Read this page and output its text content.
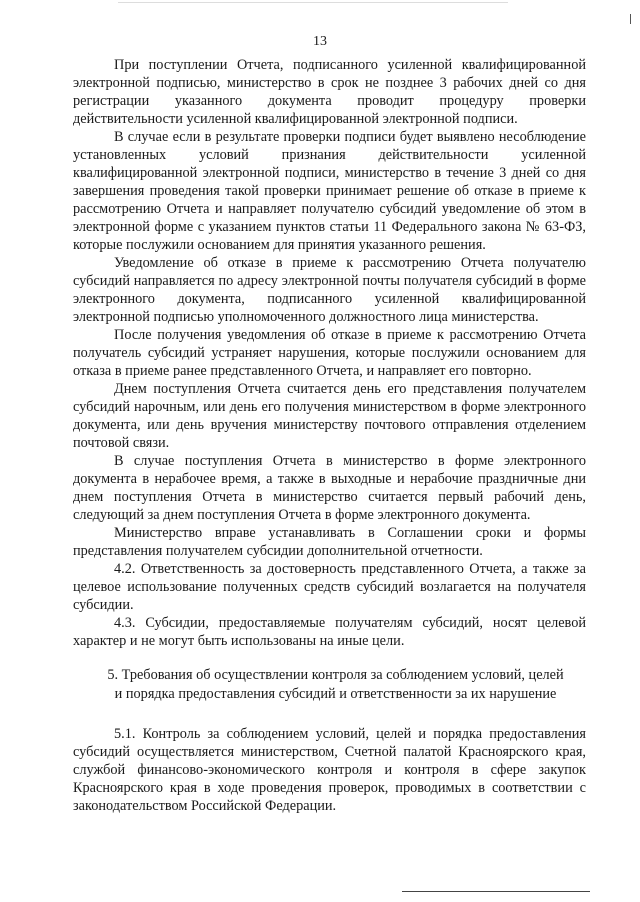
13

При поступлении Отчета, подписанного усиленной квалифицированной электронной подписью, министерство в срок не позднее 3 рабочих дней со дня регистрации указанного документа проводит процедуру проверки действительности усиленной квалифицированной электронной подписи.

В случае если в результате проверки подписи будет выявлено несоблюдение установленных условий признания действительности усиленной квалифицированной электронной подписи, министерство в течение 3 дней со дня завершения проведения такой проверки принимает решение об отказе в приеме к рассмотрению Отчета и направляет получателю субсидий уведомление об этом в электронной форме с указанием пунктов статьи 11 Федерального закона № 63-ФЗ, которые послужили основанием для принятия указанного решения.

Уведомление об отказе в приеме к рассмотрению Отчета получателю субсидий направляется по адресу электронной почты получателя субсидий в форме электронного документа, подписанного усиленной квалифицированной электронной подписью уполномоченного должностного лица министерства.

После получения уведомления об отказе в приеме к рассмотрению Отчета получатель субсидий устраняет нарушения, которые послужили основанием для отказа в приеме ранее представленного Отчета, и направляет его повторно.

Днем поступления Отчета считается день его представления получателем субсидий нарочным, или день его получения министерством в форме электронного документа, или день вручения министерству почтового отправления отделением почтовой связи.

В случае поступления Отчета в министерство в форме электронного документа в нерабочее время, а также в выходные и нерабочие праздничные дни днем поступления Отчета в министерство считается первый рабочий день, следующий за днем поступления Отчета в форме электронного документа.

Министерство вправе устанавливать в Соглашении сроки и формы представления получателем субсидии дополнительной отчетности.

4.2. Ответственность за достоверность представленного Отчета, а также за целевое использование полученных средств субсидий возлагается на получателя субсидии.

4.3. Субсидии, предоставляемые получателям субсидий, носят целевой характер и не могут быть использованы на иные цели.

5. Требования об осуществлении контроля за соблюдением условий, целей
и порядка предоставления субсидий и ответственности за их нарушение

5.1. Контроль за соблюдением условий, целей и порядка предоставления субсидий осуществляется министерством, Счетной палатой Красноярского края, службой финансово-экономического контроля и контроля в сфере закупок Красноярского края в ходе проведения проверок, проводимых в соответствии с законодательством Российской Федерации.
